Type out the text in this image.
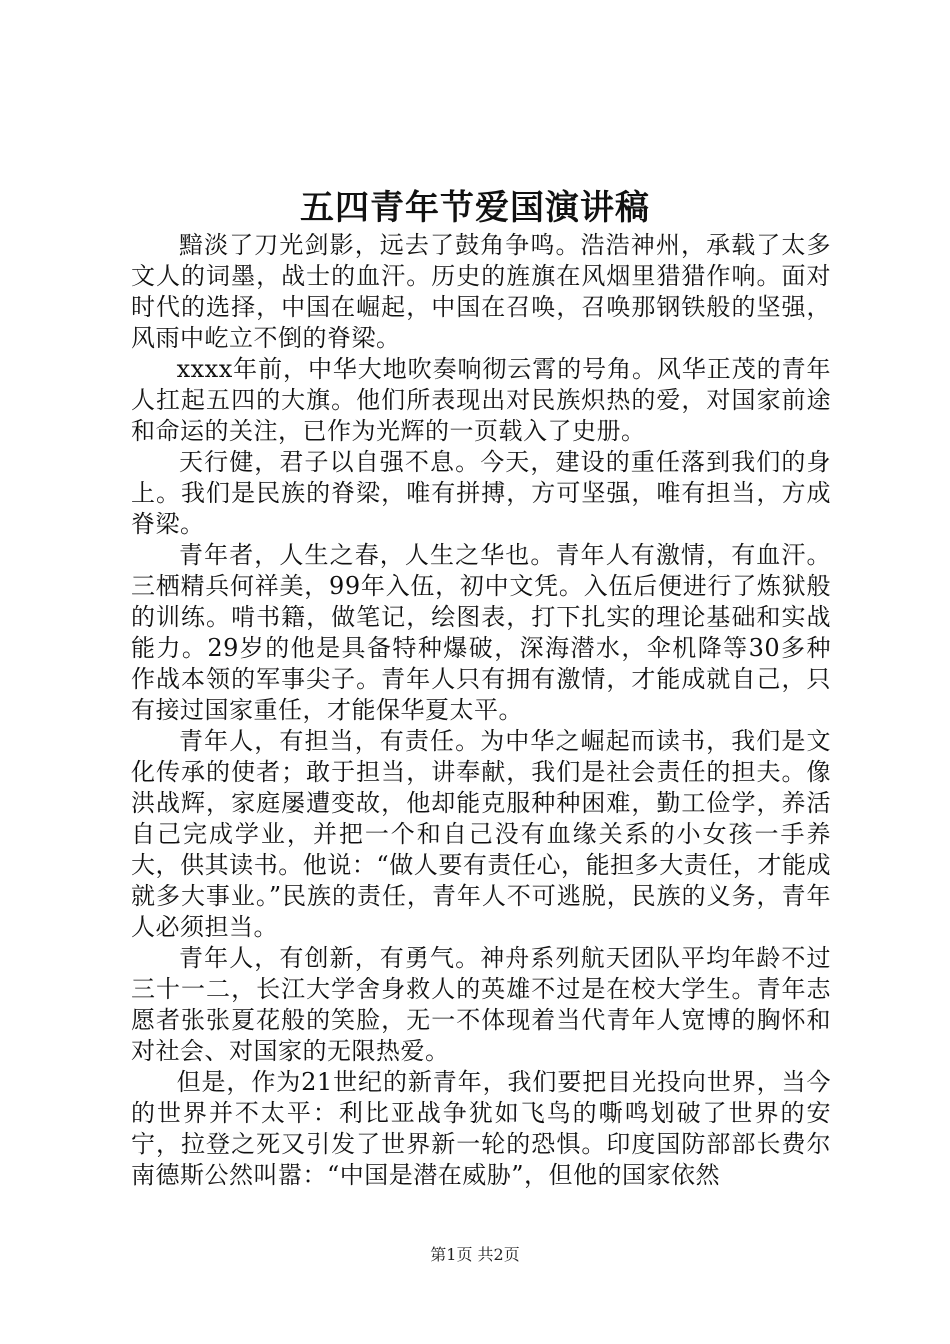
五四青年节爱国演讲稿

黯淡了刀光剑影，远去了鼓角争鸣。浩浩神州，承载了太多文人的词墨，战士的血汗。历史的旌旗在风烟里猎猎作响。面对时代的选择，中国在崛起，中国在召唤，召唤那钢铁般的坚强，风雨中屹立不倒的脊梁。

xxxx年前，中华大地吹奏响彻云霄的号角。风华正茂的青年人扛起五四的大旗。他们所表现出对民族炽热的爱，对国家前途和命运的关注，已作为光辉的一页载入了史册。

天行健，君子以自强不息。今天，建设的重任落到我们的身上。我们是民族的脊梁，唯有拼搏，方可坚强，唯有担当，方成脊梁。

青年者，人生之春，人生之华也。青年人有激情，有血汗。三栖精兵何祥美，99年入伍，初中文凭。入伍后便进行了炼狱般的训练。啃书籍，做笔记，绘图表，打下扎实的理论基础和实战能力。29岁的他是具备特种爆破，深海潜水，伞机降等30多种作战本领的军事尖子。青年人只有拥有激情，才能成就自己，只有接过国家重任，才能保华夏太平。

青年人，有担当，有责任。为中华之崛起而读书，我们是文化传承的使者；敢于担当，讲奉献，我们是社会责任的担夫。像洪战辉，家庭屡遭变故，他却能克服种种困难，勤工俭学，养活自己完成学业，并把一个和自己没有血缘关系的小女孩一手养大，供其读书。他说：“做人要有责任心，能担多大责任，才能成就多大事业。”民族的责任，青年人不可逃脱，民族的义务，青年人必须担当。

青年人，有创新，有勇气。神舟系列航天团队平均年龄不过三十一二，长江大学舍身救人的英雄不过是在校大学生。青年志愿者张张夏花般的笑脸，无一不体现着当代青年人宽博的胸怀和对社会、对国家的无限热爱。

但是，作为21世纪的新青年，我们要把目光投向世界，当今的世界并不太平：利比亚战争犹如飞鸟的嘶鸣划破了世界的安宁，拉登之死又引发了世界新一轮的恐惧。印度国防部部长费尔南德斯公然叫嚣：“中国是潜在威胁”，但他的国家依然

第1页 共2页
